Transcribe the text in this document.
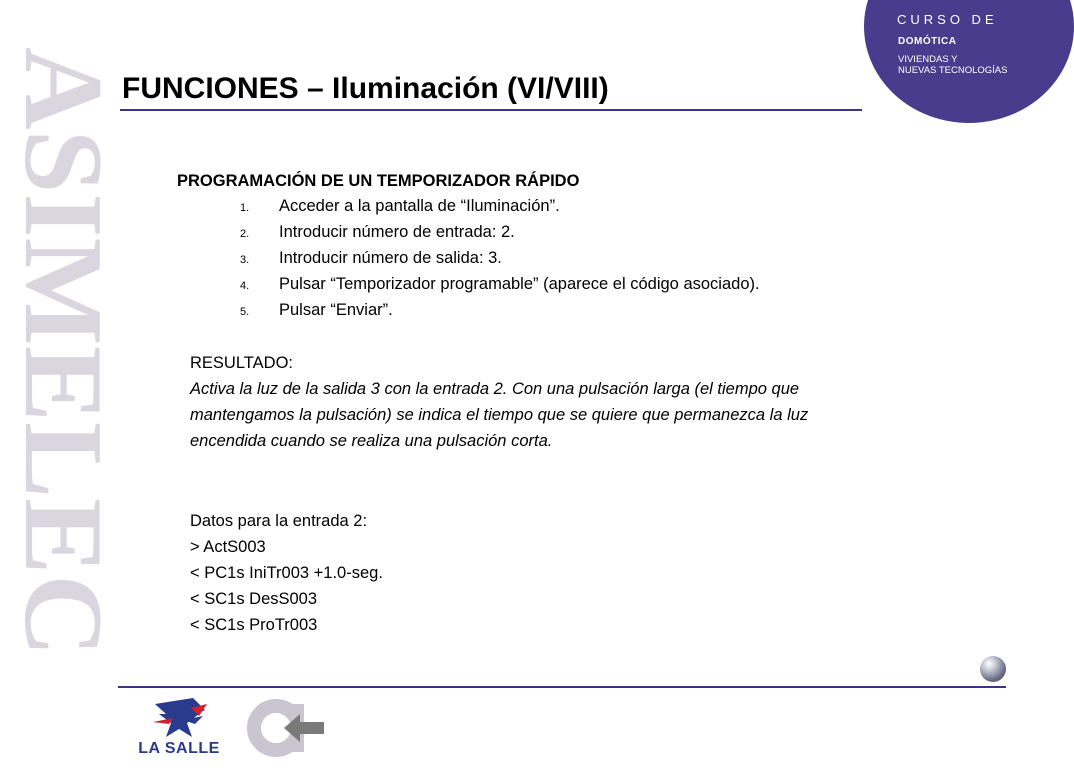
ASIMELEC
CURSO DE
DOMÓTICA
VIVIENDAS Y
NUEVAS TECNOLOGÍAS
FUNCIONES – Iluminación (VI/VIII)
PROGRAMACIÓN DE UN TEMPORIZADOR RÁPIDO
1. Acceder a la pantalla de “Iluminación”.
2. Introducir número de entrada: 2.
3. Introducir número de salida: 3.
4. Pulsar “Temporizador programable” (aparece el código asociado).
5. Pulsar “Enviar”.
RESULTADO:
Activa la luz de la salida 3 con la entrada 2. Con una pulsación larga (el tiempo que
mantengamos la pulsación) se indica el tiempo que se quiere que permanezca la luz
encendida cuando se realiza una pulsación corta.
Datos para la entrada 2:
> ActS003
< PC1s IniTr003 +1.0-seg.
< SC1s DesS003
< SC1s ProTr003
LA SALLE
